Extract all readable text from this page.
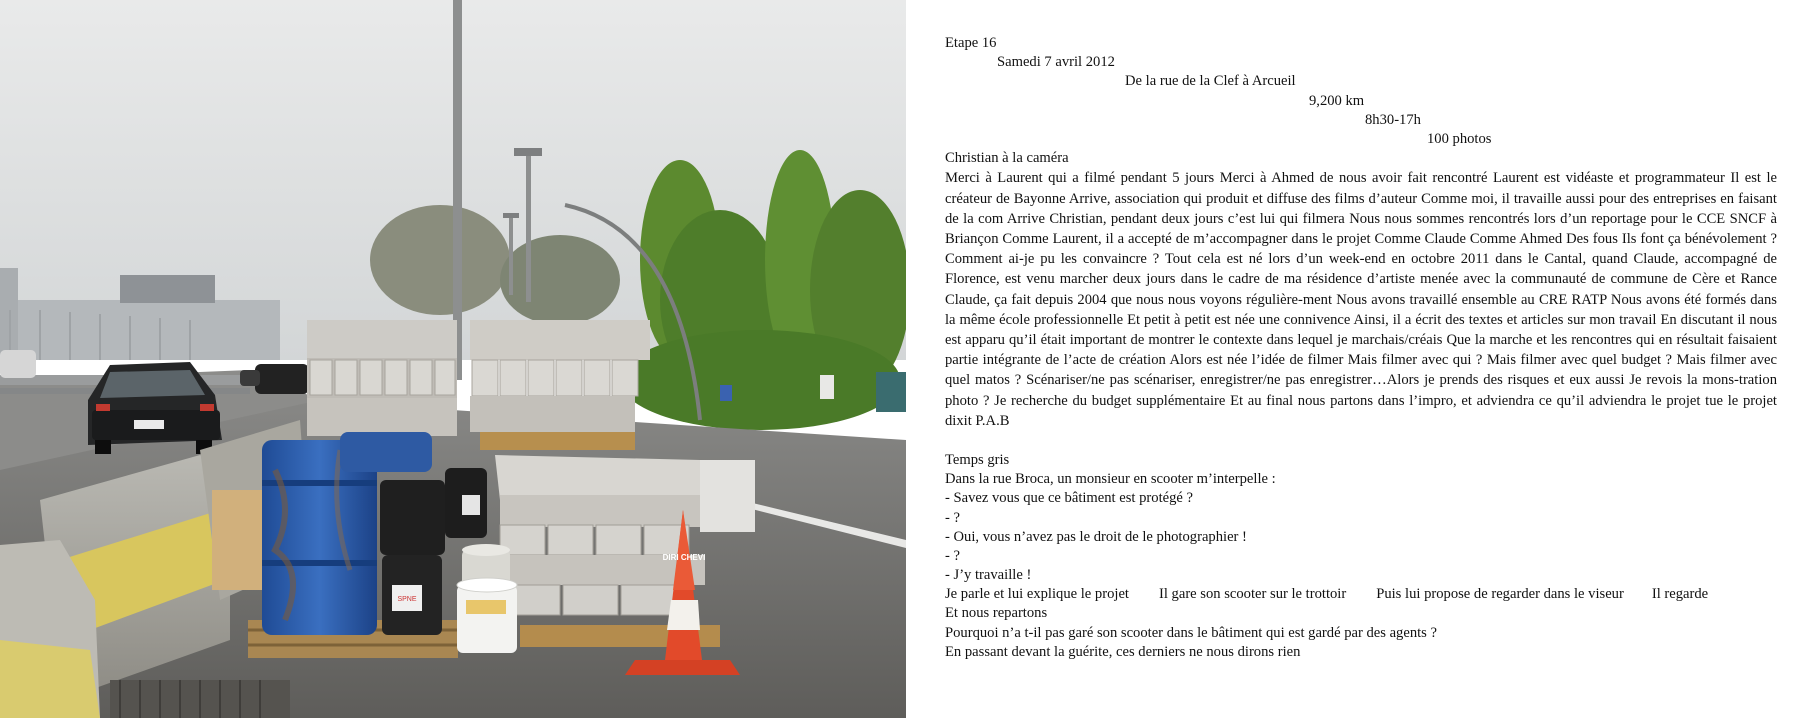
SPNE
DIRI CHEVI
Etape 16
Samedi 7 avril 2012
De la rue de la Clef à Arcueil
9,200 km
8h30-17h
100 photos
Christian à la caméra

Merci à Laurent qui a filmé pendant 5 jours Merci à Ahmed de nous avoir fait rencontré Laurent est vidéaste et programmateur Il est le créateur de Bayonne Arrive, association qui produit et diffuse des films d’auteur Comme moi, il travaille aussi pour des entreprises en faisant de la com Arrive Christian, pendant deux jours c’est lui qui filmera Nous nous sommes rencontrés lors d’un reportage pour le CCE SNCF à Briançon Comme Laurent, il a accepté de m’accompagner dans le projet Comme Claude Comme Ahmed Des fous Ils font ça bénévolement ? Comment ai-je pu les convaincre ? Tout cela est né lors d’un week-end en octobre 2011 dans le Cantal, quand Claude, accompagné de Florence, est venu marcher deux jours dans le cadre de ma résidence d’artiste menée avec la communauté de commune de Cère et Rance Claude, ça fait depuis 2004 que nous nous voyons régulière-ment Nous avons travaillé ensemble au CRE RATP Nous avons été formés dans la même école professionnelle Et petit à petit est née une connivence Ainsi, il a écrit des textes et articles sur mon travail En discutant il nous est apparu qu’il était important de montrer le contexte dans lequel je marchais/créais Que la marche et les rencontres qui en résultait faisaient partie intégrante de l’acte de création Alors est née l’idée de filmer Mais filmer avec qui ? Mais filmer avec quel budget ? Mais filmer avec quel matos ? Scénariser/ne pas scénariser, enregistrer/ne pas enregistrer…Alors je prends des risques et eux aussi Je revois la mons-tration photo ? Je recherche du budget supplémentaire Et au final nous partons dans l’impro, et adviendra ce qu’il adviendra le projet tue le projet dixit P.A.B

Temps gris
Dans la rue Broca, un monsieur en scooter m’interpelle :
- Savez vous que ce bâtiment est protégé ?
- ?
- Oui, vous n’avez pas le droit de le photographier !
- ?
- J’y travaille !
Je parle et lui explique le projet Il gare son scooter sur le trottoir Puis lui propose de regarder dans le viseur Il regarde
Et nous repartons
Pourquoi n’a t-il pas garé son scooter dans le bâtiment qui est gardé par des agents ?
En passant devant la guérite, ces derniers ne nous dirons rien
